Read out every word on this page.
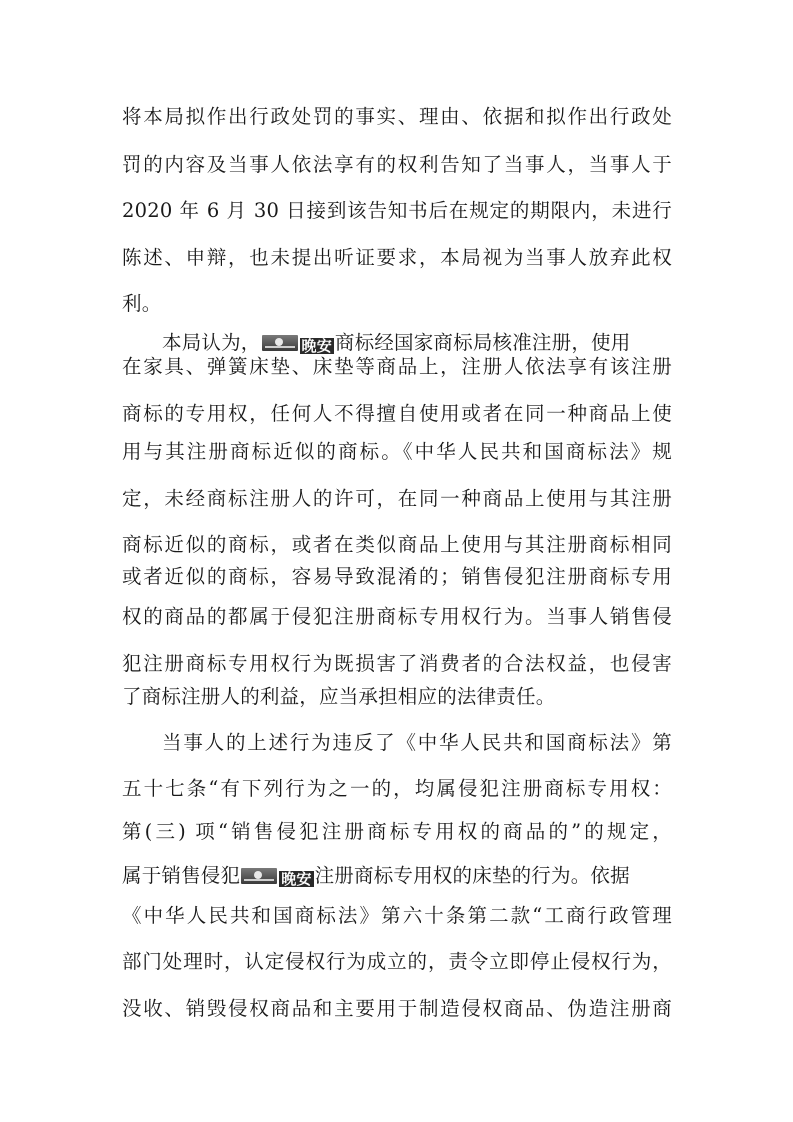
将本局拟作出行政处罚的事实、理由、依据和拟作出行政处
罚的内容及当事人依法享有的权利告知了当事人，当事人于
2020 年 6 月 30 日接到该告知书后在规定的期限内，未进行
陈述、申辩，也未提出听证要求，本局视为当事人放弃此权
利。
本局认为，	晚安 商标经国家商标局核准注册，使用
在家具、弹簧床垫、床垫等商品上，注册人依法享有该注册
商标的专用权，任何人不得擅自使用或者在同一种商品上使
用与其注册商标近似的商标。《中华人民共和国商标法》规
定，未经商标注册人的许可，在同一种商品上使用与其注册
商标近似的商标，或者在类似商品上使用与其注册商标相同
或者近似的商标，容易导致混淆的；销售侵犯注册商标专用
权的商品的都属于侵犯注册商标专用权行为。当事人销售侵
犯注册商标专用权行为既损害了消费者的合法权益，也侵害
了商标注册人的利益，应当承担相应的法律责任。
当事人的上述行为违反了《中华人民共和国商标法》第
五十七条“有下列行为之一的，均属侵犯注册商标专用权：
第(三) 项“销售侵犯注册商标专用权的商品的”的规定，
属于销售侵犯	晚安 注册商标专用权的床垫的行为。依据
《中华人民共和国商标法》第六十条第二款“工商行政管理
部门处理时，认定侵权行为成立的，责令立即停止侵权行为，
没收、销毁侵权商品和主要用于制造侵权商品、伪造注册商
